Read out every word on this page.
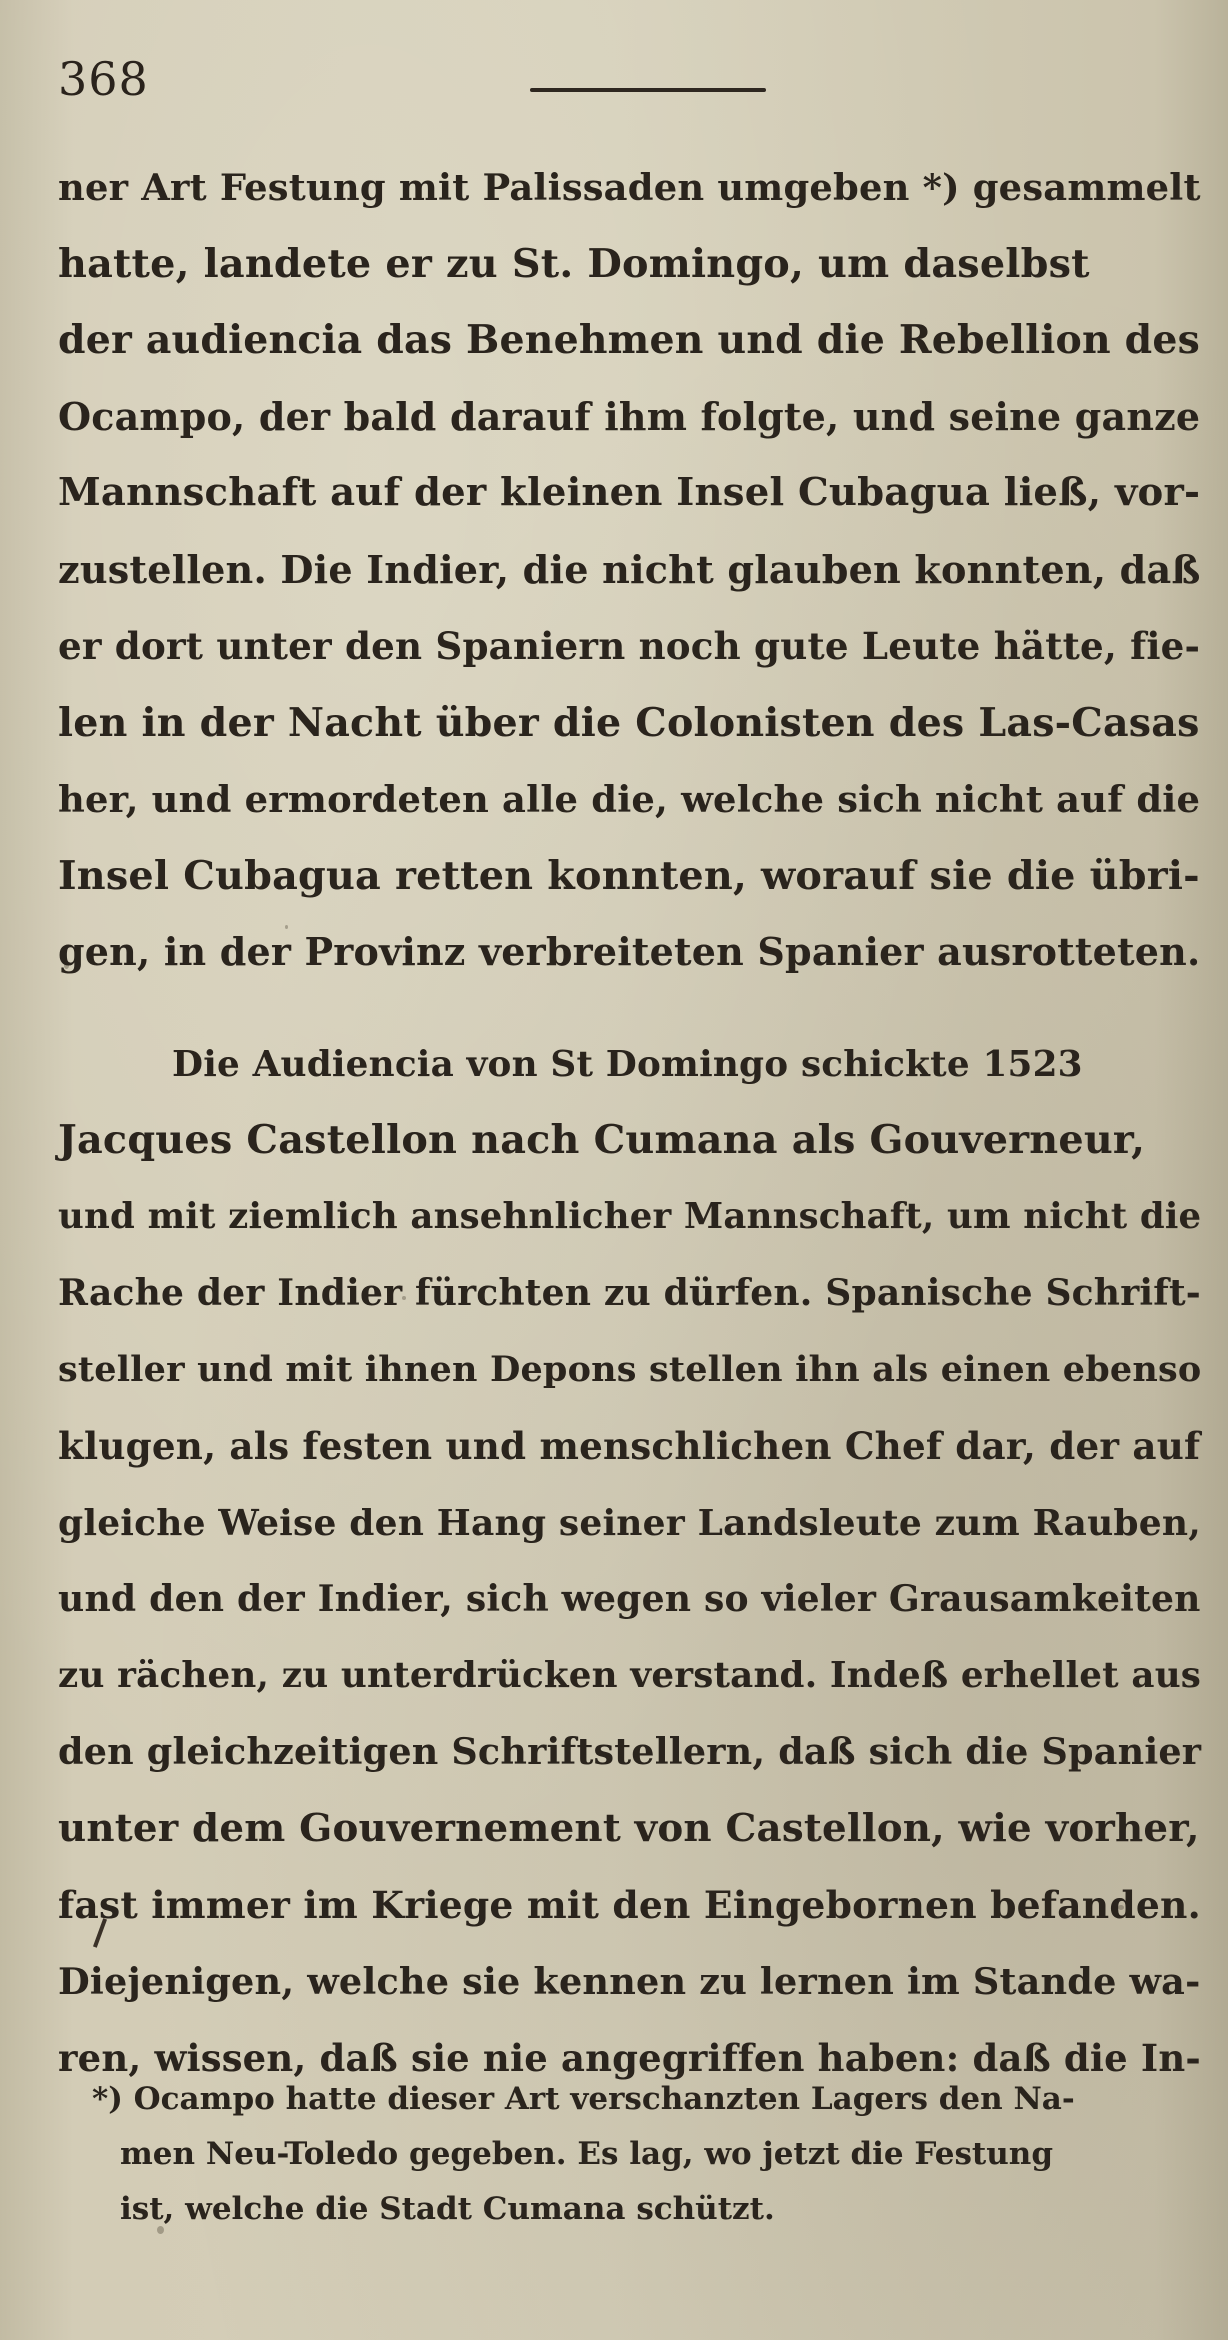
368
ner Art Festung mit Palissaden umgeben *) gesammelt
hatte, landete er zu St. Domingo, um daselbst
der audiencia das Benehmen und die Rebellion des
Ocampo, der bald darauf ihm folgte, und seine ganze
Mannschaft auf der kleinen Insel Cubagua ließ, vor-
zustellen. Die Indier, die nicht glauben konnten, daß
er dort unter den Spaniern noch gute Leute hätte, fie-
len in der Nacht über die Colonisten des Las-Casas
her, und ermordeten alle die, welche sich nicht auf die
Insel Cubagua retten konnten, worauf sie die übri-
gen, in der Provinz verbreiteten Spanier ausrotteten.
Die Audiencia von St Domingo schickte 1523
Jacques Castellon nach Cumana als Gouverneur,
und mit ziemlich ansehnlicher Mannschaft, um nicht die
Rache der Indier fürchten zu dürfen. Spanische Schrift-
steller und mit ihnen Depons stellen ihn als einen ebenso
klugen, als festen und menschlichen Chef dar, der auf
gleiche Weise den Hang seiner Landsleute zum Rauben,
und den der Indier, sich wegen so vieler Grausamkeiten
zu rächen, zu unterdrücken verstand. Indeß erhellet aus
den gleichzeitigen Schriftstellern, daß sich die Spanier
unter dem Gouvernement von Castellon, wie vorher,
fast immer im Kriege mit den Eingebornen befanden.
Diejenigen, welche sie kennen zu lernen im Stande wa-
ren, wissen, daß sie nie angegriffen haben: daß die In-
*) Ocampo hatte dieser Art verschanzten Lagers den Na-
men Neu-Toledo gegeben. Es lag, wo jetzt die Festung
ist, welche die Stadt Cumana schützt.
